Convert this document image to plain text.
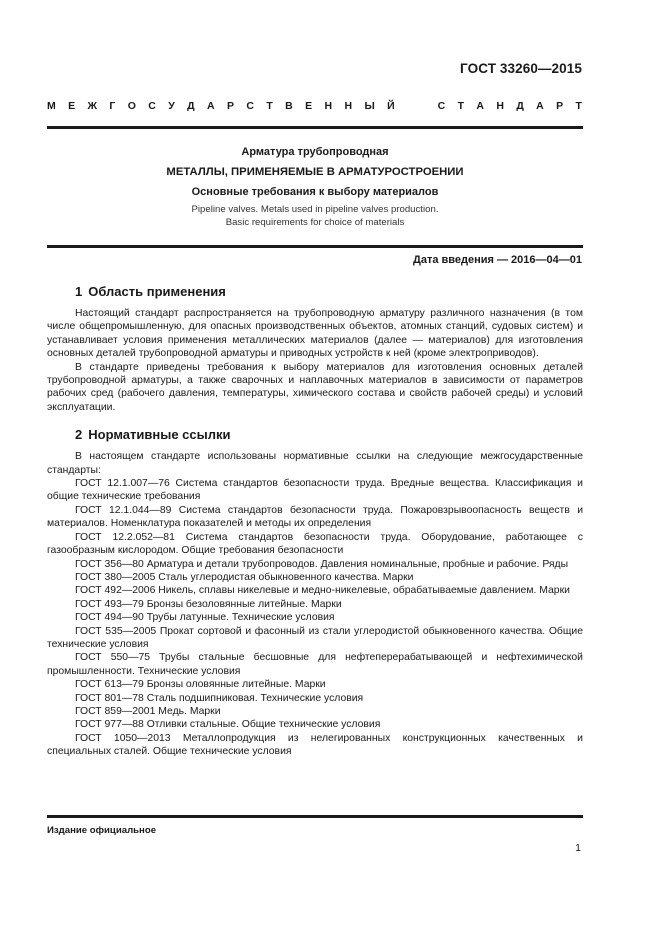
ГОСТ 33260—2015
М Е Ж Г О С У Д А Р С Т В Е Н Н Ы Й

	С Т А Н Д А Р Т
Арматура трубопроводная
МЕТАЛЛЫ, ПРИМЕНЯЕМЫЕ В АРМАТУРОСТРОЕНИИ
Основные требования к выбору материалов
Pipeline valves. Metals used in pipeline valves production.
Basic requirements for choice of materials
Дата введения — 2016—04—01
1 Область применения

Настоящий стандарт распространяется на трубопроводную арматуру различного назначения (в том числе общепромышленную, для опасных производственных объектов, атомных станций, судовых систем) и устанавливает условия применения металлических материалов (далее — материалов) для изготовления основных деталей трубопроводной арматуры и приводных устройств к ней (кроме электроприводов).

В стандарте приведены требования к выбору материалов для изготовления основных деталей трубопроводной арматуры, а также сварочных и наплавочных материалов в зависимости от параметров рабочих сред (рабочего давления, температуры, химического состава и свойств рабочей среды) и условий эксплуатации.

2 Нормативные ссылки

В настоящем стандарте использованы нормативные ссылки на следующие межгосударственные стандарты:

ГОСТ 12.1.007—76 Система стандартов безопасности труда. Вредные вещества. Классификация и общие технические требования

ГОСТ 12.1.044—89 Система стандартов безопасности труда. Пожаровзрывоопасность веществ и материалов. Номенклатура показателей и методы их определения

ГОСТ 12.2.052—81 Система стандартов безопасности труда. Оборудование, работающее с газообразным кислородом. Общие требования безопасности

ГОСТ 356—80 Арматура и детали трубопроводов. Давления номинальные, пробные и рабочие. Ряды

ГОСТ 380—2005 Сталь углеродистая обыкновенного качества. Марки

ГОСТ 492—2006 Никель, сплавы никелевые и медно-никелевые, обрабатываемые давлением. Марки

ГОСТ 493—79 Бронзы безоловянные литейные. Марки

ГОСТ 494—90 Трубы латунные. Технические условия

ГОСТ 535—2005 Прокат сортовой и фасонный из стали углеродистой обыкновенного качества. Общие технические условия

ГОСТ 550—75 Трубы стальные бесшовные для нефтеперерабатывающей и нефтехимической промышленности. Технические условия

ГОСТ 613—79 Бронзы оловянные литейные. Марки

ГОСТ 801—78 Сталь подшипниковая. Технические условия

ГОСТ 859—2001 Медь. Марки

ГОСТ 977—88 Отливки стальные. Общие технические условия

ГОСТ 1050—2013 Металлопродукция из нелегированных конструкционных качественных и специальных сталей. Общие технические условия

Издание официальное
1
